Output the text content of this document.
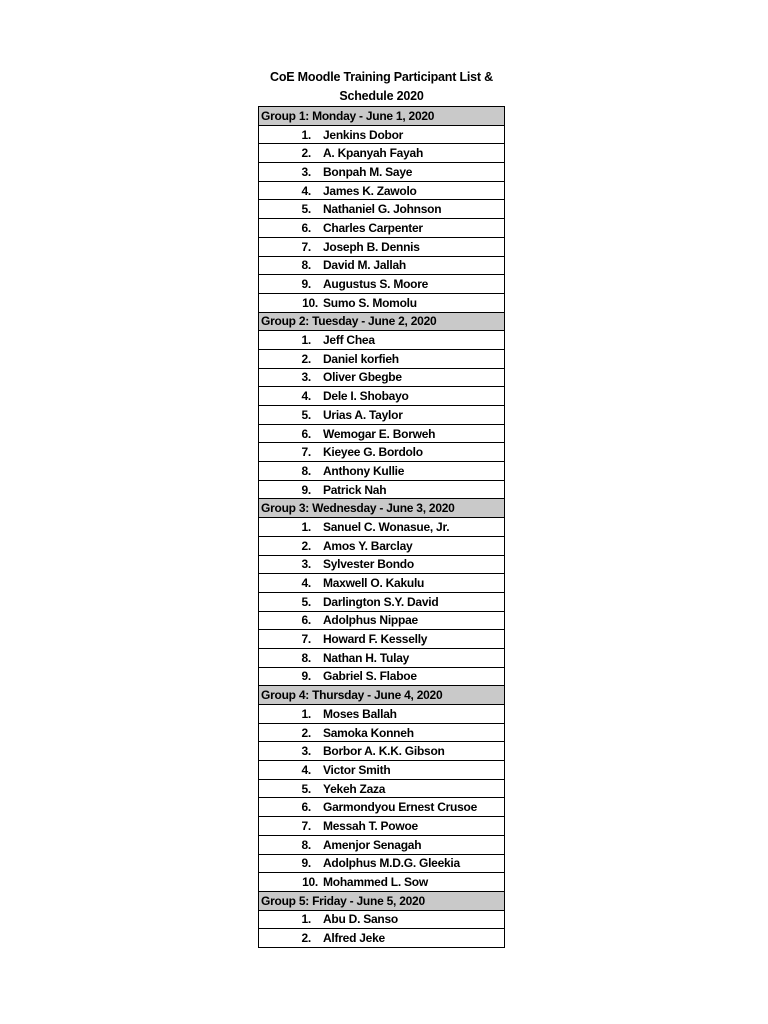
CoE Moodle Training Participant List &
Schedule 2020
Group 1: Monday - June 1, 2020
1. Jenkins Dobor
2. A. Kpanyah Fayah
3. Bonpah M. Saye
4. James K. Zawolo
5. Nathaniel G. Johnson
6. Charles Carpenter
7. Joseph B. Dennis
8. David M. Jallah
9. Augustus S. Moore
10. Sumo S. Momolu
Group 2: Tuesday - June 2, 2020
1. Jeff Chea
2. Daniel korfieh
3. Oliver Gbegbe
4. Dele I. Shobayo
5. Urias A. Taylor
6. Wemogar E. Borweh
7. Kieyee G. Bordolo
8. Anthony Kullie
9. Patrick Nah
Group 3: Wednesday - June 3, 2020
1. Sanuel C. Wonasue, Jr.
2. Amos Y. Barclay
3. Sylvester Bondo
4. Maxwell O. Kakulu
5. Darlington S.Y. David
6. Adolphus Nippae
7. Howard F. Kesselly
8. Nathan H. Tulay
9. Gabriel S. Flaboe
Group 4: Thursday - June 4, 2020
1. Moses Ballah
2. Samoka Konneh
3. Borbor A. K.K. Gibson
4. Victor Smith
5. Yekeh Zaza
6. Garmondyou Ernest Crusoe
7. Messah T. Powoe
8. Amenjor Senagah
9. Adolphus M.D.G. Gleekia
10. Mohammed L. Sow
Group 5: Friday - June 5, 2020
1. Abu D. Sanso
2. Alfred Jeke
